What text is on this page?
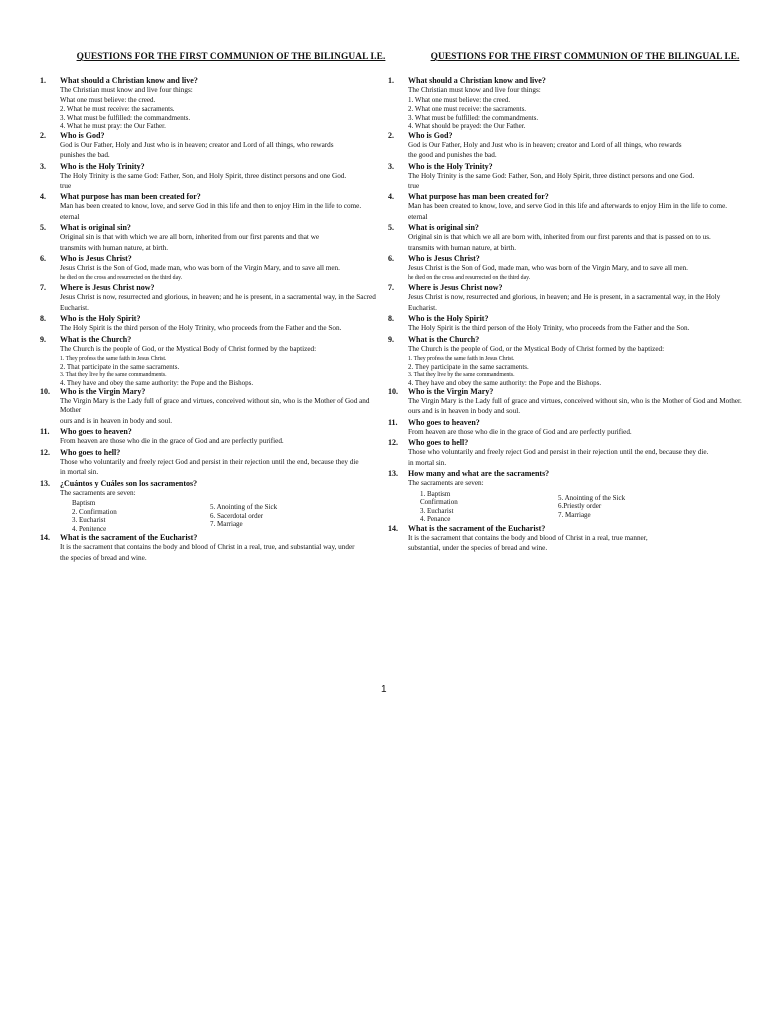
QUESTIONS FOR THE FIRST COMMUNION OF THE BILINGUAL I.E.
1. What should a Christian know and live?
The Christian must know and live four things:
What one must believe: the creed.
2. What he must receive: the sacraments.
3. What must be fulfilled: the commandments.
4. What he must pray: the Our Father.
2. Who is God?
God is Our Father, Holy and Just who is in heaven; creator and Lord of all things, who rewards
punishes the bad.
3. Who is the Holy Trinity?
The Holy Trinity is the same God: Father, Son, and Holy Spirit, three distinct persons and one God.
true
4. What purpose has man been created for?
Man has been created to know, love, and serve God in this life and then to enjoy Him in the life to come.
eternal
5. What is original sin?
Original sin is that with which we are all born, inherited from our first parents and that we
transmits with human nature, at birth.
6. Who is Jesus Christ?
Jesus Christ is the Son of God, made man, who was born of the Virgin Mary, and to save all men.
he died on the cross and resurrected on the third day.
7. Where is Jesus Christ now?
Jesus Christ is now, resurrected and glorious, in heaven; and he is present, in a sacramental way, in the Sacred
Eucharist.
8. Who is the Holy Spirit?
The Holy Spirit is the third person of the Holy Trinity, who proceeds from the Father and the Son.
9. What is the Church?
The Church is the people of God, or the Mystical Body of Christ formed by the baptized:
1. They profess the same faith in Jesus Christ.
2. That participate in the same sacraments.
3. That they live by the same commandments.
4. They have and obey the same authority: the Pope and the Bishops.
10. Who is the Virgin Mary?
The Virgin Mary is the Lady full of grace and virtues, conceived without sin, who is the Mother of God and Mother
ours and is in heaven in body and soul.
11. Who goes to heaven?
From heaven are those who die in the grace of God and are perfectly purified.
12. Who goes to hell?
Those who voluntarily and freely reject God and persist in their rejection until the end, because they die
in mortal sin.
13. ¿Cuántos y Cuáles son los sacramentos?
The sacraments are seven:
Baptism
2. Confirmation
3. Eucharist
4. Penitence
5. Anointing of the Sick
6. Sacerdotal order
7. Marriage
14. What is the sacrament of the Eucharist?
It is the sacrament that contains the body and blood of Christ in a real, true, and substantial way, under
the species of bread and wine.
QUESTIONS FOR THE FIRST COMMUNION OF THE BILINGUAL I.E.
1. What should a Christian know and live?
The Christian must know and live four things:
1. What one must believe: the creed.
2. What one must receive: the sacraments.
3. What must be fulfilled: the commandments.
4. What should be prayed: the Our Father.
2. Who is God?
God is Our Father, Holy and Just who is in heaven; creator and Lord of all things, who rewards
the good and punishes the bad.
3. Who is the Holy Trinity?
The Holy Trinity is the same God: Father, Son, and Holy Spirit, three distinct persons and one God.
true
4. What purpose has man been created for?
Man has been created to know, love, and serve God in this life and afterwards to enjoy Him in the life to come.
eternal
5. What is original sin?
Original sin is that which we all are born with, inherited from our first parents and that is passed on to us.
transmits with human nature, at birth.
6. Who is Jesus Christ?
Jesus Christ is the Son of God, made man, who was born of the Virgin Mary, and to save all men.
he died on the cross and resurrected on the third day.
7. Where is Jesus Christ now?
Jesus Christ is now, resurrected and glorious, in heaven; and He is present, in a sacramental way, in the Holy
Eucharist.
8. Who is the Holy Spirit?
The Holy Spirit is the third person of the Holy Trinity, who proceeds from the Father and the Son.
9. What is the Church?
The Church is the people of God, or the Mystical Body of Christ formed by the baptized:
1. They profess the same faith in Jesus Christ.
2. They participate in the same sacraments.
3. That they live by the same commandments.
4. They have and obey the same authority: the Pope and the Bishops.
10. Who is the Virgin Mary?
The Virgin Mary is the Lady full of grace and virtues, conceived without sin, who is the Mother of God and Mother.
ours and is in heaven in body and soul.
11. Who goes to heaven?
From heaven are those who die in the grace of God and are perfectly purified.
12. Who goes to hell?
Those who voluntarily and freely reject God and persist in their rejection until the end, because they die.
in mortal sin.
13. How many and what are the sacraments?
The sacraments are seven:
1. Baptism
Confirmation
3. Eucharist
4. Penance
5. Anointing of the Sick
6.Priestly order
7. Marriage
14. What is the sacrament of the Eucharist?
It is the sacrament that contains the body and blood of Christ in a real, true manner,
substantial, under the species of bread and wine.
1
